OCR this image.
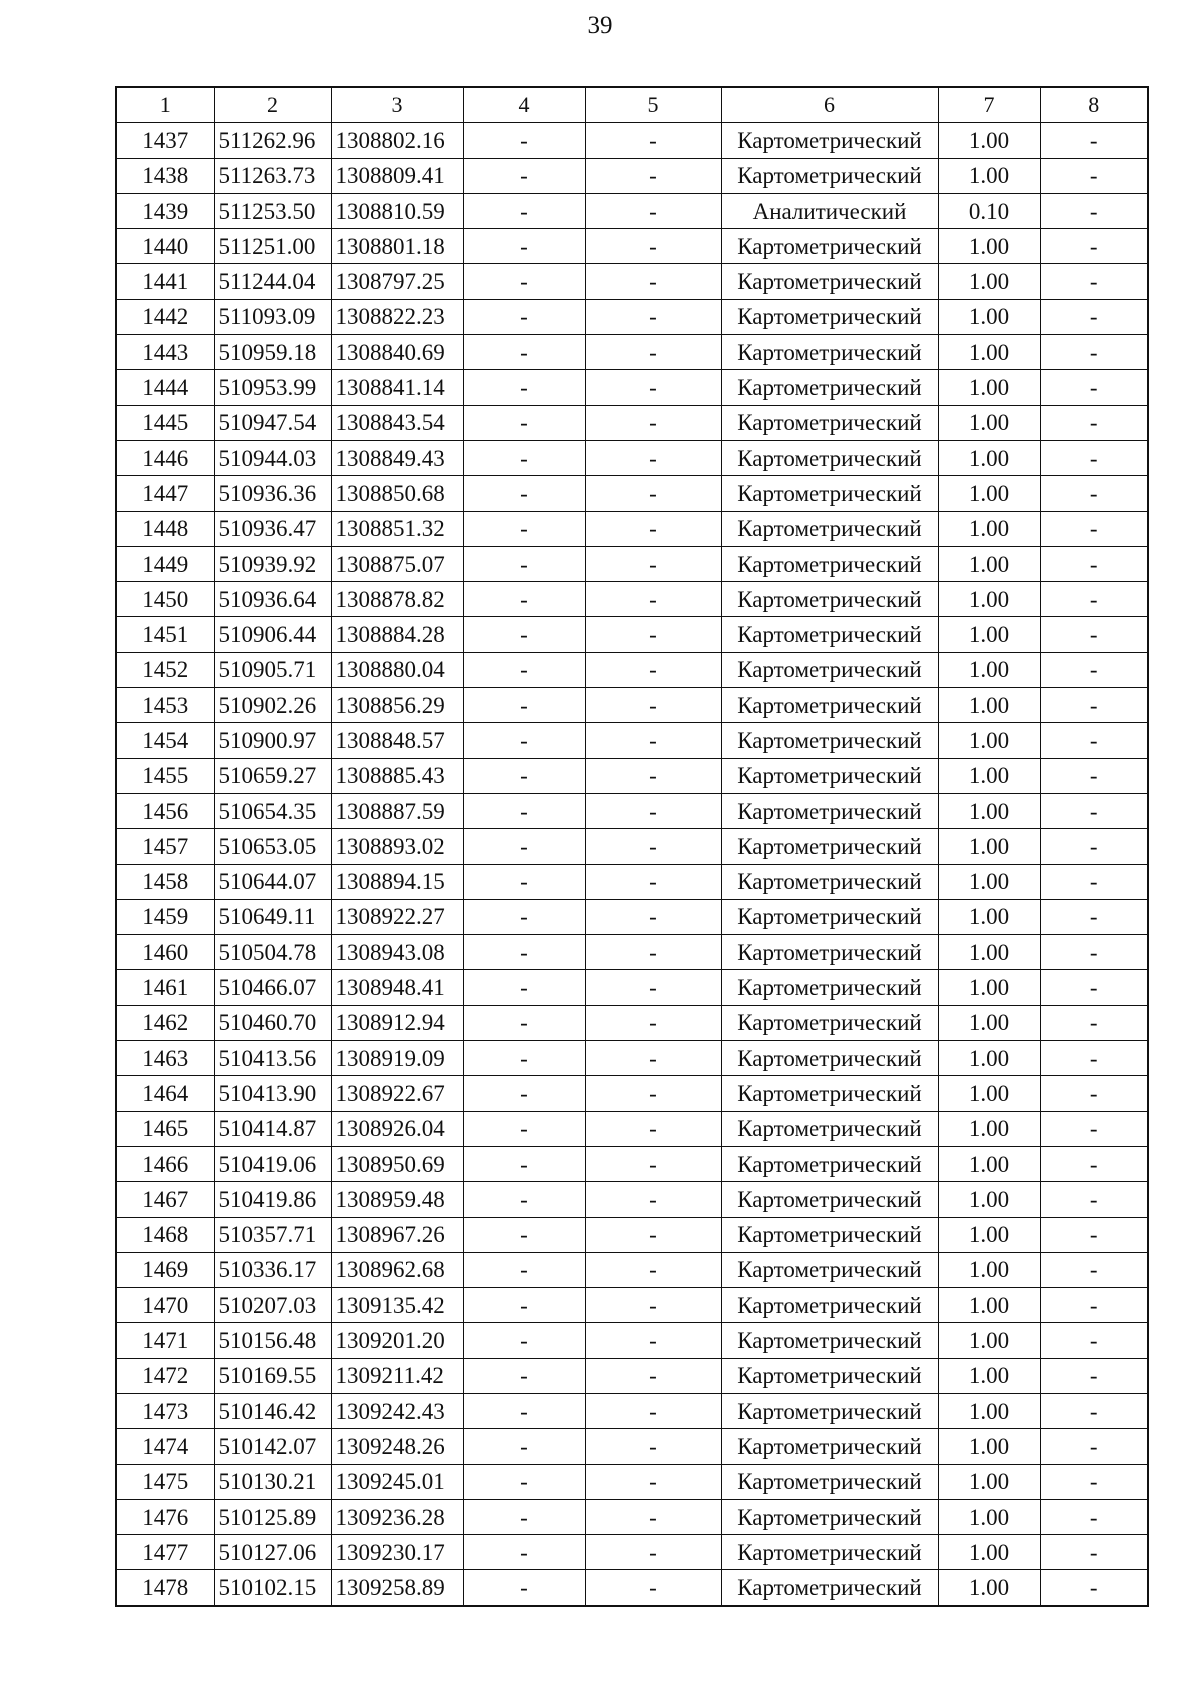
39
1	2	3	4	5	6	7	8
1437	511262.96	1308802.16	-	-	Картометрический	1.00	-
1438	511263.73	1308809.41	-	-	Картометрический	1.00	-
1439	511253.50	1308810.59	-	-	Аналитический	0.10	-
1440	511251.00	1308801.18	-	-	Картометрический	1.00	-
1441	511244.04	1308797.25	-	-	Картометрический	1.00	-
1442	511093.09	1308822.23	-	-	Картометрический	1.00	-
1443	510959.18	1308840.69	-	-	Картометрический	1.00	-
1444	510953.99	1308841.14	-	-	Картометрический	1.00	-
1445	510947.54	1308843.54	-	-	Картометрический	1.00	-
1446	510944.03	1308849.43	-	-	Картометрический	1.00	-
1447	510936.36	1308850.68	-	-	Картометрический	1.00	-
1448	510936.47	1308851.32	-	-	Картометрический	1.00	-
1449	510939.92	1308875.07	-	-	Картометрический	1.00	-
1450	510936.64	1308878.82	-	-	Картометрический	1.00	-
1451	510906.44	1308884.28	-	-	Картометрический	1.00	-
1452	510905.71	1308880.04	-	-	Картометрический	1.00	-
1453	510902.26	1308856.29	-	-	Картометрический	1.00	-
1454	510900.97	1308848.57	-	-	Картометрический	1.00	-
1455	510659.27	1308885.43	-	-	Картометрический	1.00	-
1456	510654.35	1308887.59	-	-	Картометрический	1.00	-
1457	510653.05	1308893.02	-	-	Картометрический	1.00	-
1458	510644.07	1308894.15	-	-	Картометрический	1.00	-
1459	510649.11	1308922.27	-	-	Картометрический	1.00	-
1460	510504.78	1308943.08	-	-	Картометрический	1.00	-
1461	510466.07	1308948.41	-	-	Картометрический	1.00	-
1462	510460.70	1308912.94	-	-	Картометрический	1.00	-
1463	510413.56	1308919.09	-	-	Картометрический	1.00	-
1464	510413.90	1308922.67	-	-	Картометрический	1.00	-
1465	510414.87	1308926.04	-	-	Картометрический	1.00	-
1466	510419.06	1308950.69	-	-	Картометрический	1.00	-
1467	510419.86	1308959.48	-	-	Картометрический	1.00	-
1468	510357.71	1308967.26	-	-	Картометрический	1.00	-
1469	510336.17	1308962.68	-	-	Картометрический	1.00	-
1470	510207.03	1309135.42	-	-	Картометрический	1.00	-
1471	510156.48	1309201.20	-	-	Картометрический	1.00	-
1472	510169.55	1309211.42	-	-	Картометрический	1.00	-
1473	510146.42	1309242.43	-	-	Картометрический	1.00	-
1474	510142.07	1309248.26	-	-	Картометрический	1.00	-
1475	510130.21	1309245.01	-	-	Картометрический	1.00	-
1476	510125.89	1309236.28	-	-	Картометрический	1.00	-
1477	510127.06	1309230.17	-	-	Картометрический	1.00	-
1478	510102.15	1309258.89	-	-	Картометрический	1.00	-
